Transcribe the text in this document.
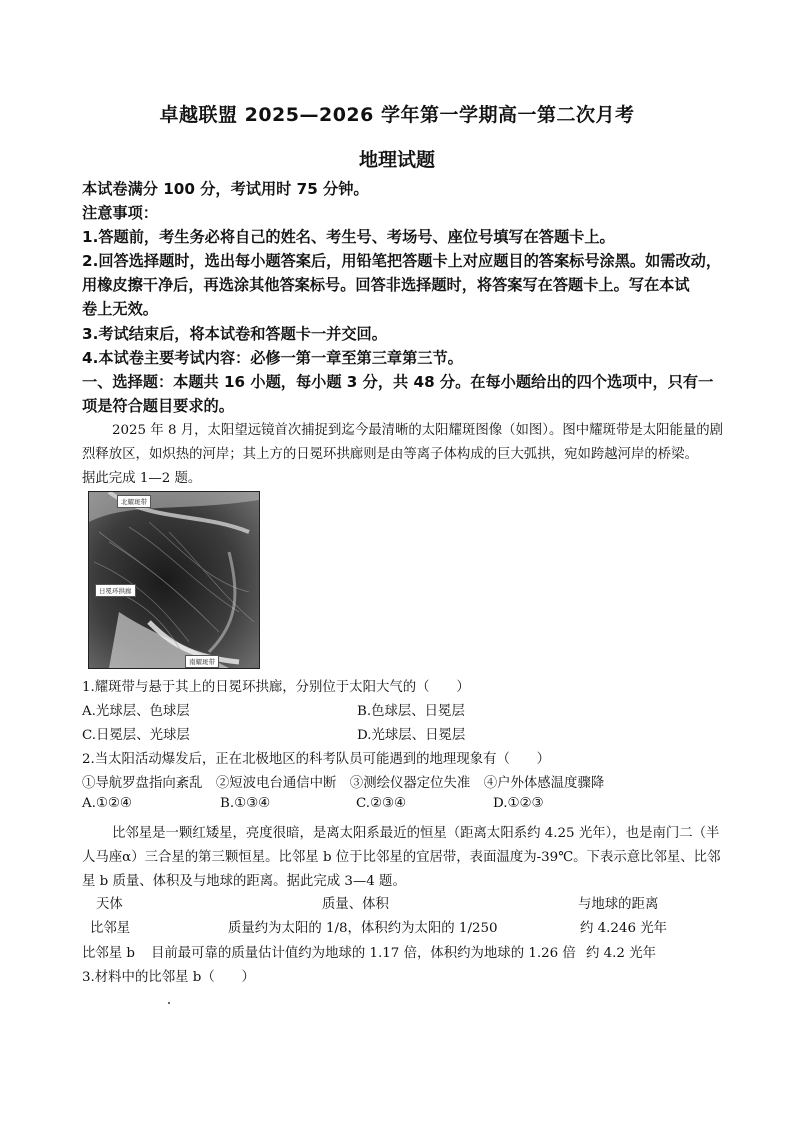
卓越联盟 2025—2026 学年第一学期高一第二次月考
地理试题
本试卷满分 100 分，考试用时 75 分钟。
注意事项：
1.答题前，考生务必将自己的姓名、考生号、考场号、座位号填写在答题卡上。
2.回答选择题时，选出每小题答案后，用铅笔把答题卡上对应题目的答案标号涂黑。如需改动，
用橡皮擦干净后，再选涂其他答案标号。回答非选择题时，将答案写在答题卡上。写在本试
卷上无效。
3.考试结束后，将本试卷和答题卡一并交回。
4.本试卷主要考试内容：必修一第一章至第三章第三节。
一、选择题：本题共 16 小题，每小题 3 分，共 48 分。在每小题给出的四个选项中，只有一
项是符合题目要求的。
2025 年 8 月，太阳望远镜首次捕捉到迄今最清晰的太阳耀斑图像（如图）。图中耀斑带是太阳能量的剧
烈释放区，如炽热的河岸；其上方的日冕环拱廊则是由等离子体构成的巨大弧拱，宛如跨越河岸的桥梁。
据此完成 1—2 题。
北耀斑带
日冕环拱廊
南耀斑带
1.耀斑带与悬于其上的日冕环拱廊，分别位于太阳大气的（　　）
A.光球层、色球层	B.色球层、日冕层
C.日冕层、光球层	D.光球层、日冕层
2.当太阳活动爆发后，正在北极地区的科考队员可能遇到的地理现象有（　　）
①导航罗盘指向紊乱　②短波电台通信中断　③测绘仪器定位失准　④户外体感温度骤降
A.①②④	B.①③④	C.②③④	D.①②③
比邻星是一颗红矮星，亮度很暗，是离太阳系最近的恒星（距离太阳系约 4.25 光年），也是南门二（半
人马座α）三合星的第三颗恒星。比邻星 b 位于比邻星的宜居带，表面温度为-39℃。下表示意比邻星、比邻
星 b 质量、体积及与地球的距离。据此完成 3—4 题。
天体	质量、体积	与地球的距离
比邻星	质量约为太阳的 1/8，体积约为太阳的 1/250	约 4.246 光年
比邻星 b 目前最可靠的质量估计值约为地球的 1.17 倍，体积约为地球的 1.26 倍 约 4.2 光年
3.材料中的比邻星 b（　　）
